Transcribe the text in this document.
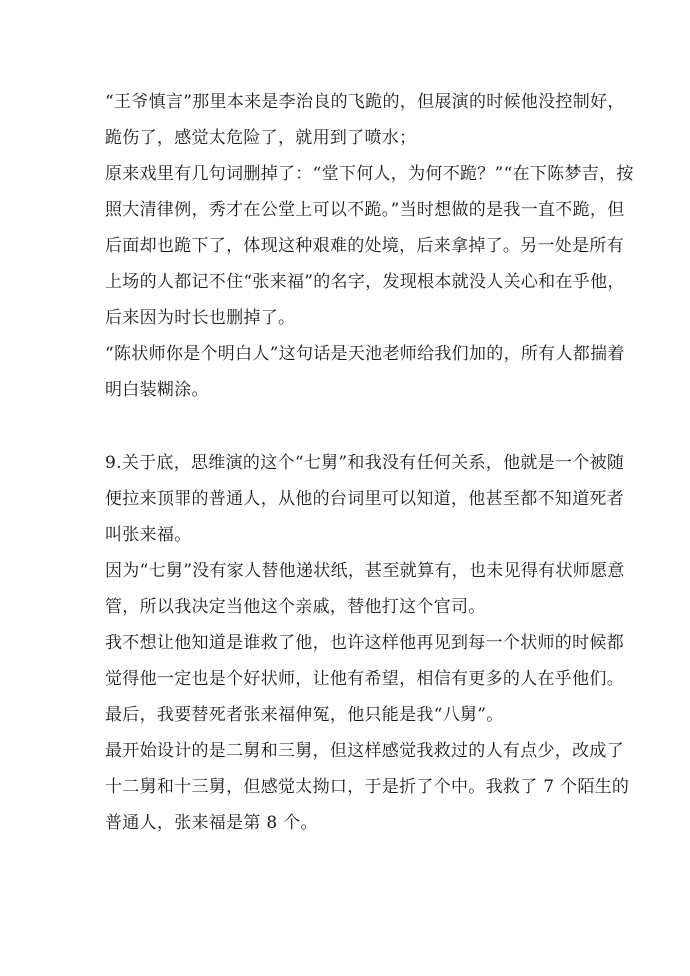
“王爷慎言”那里本来是李治良的飞跪的，但展演的时候他没控制好，
跪伤了，感觉太危险了，就用到了喷水；
原来戏里有几句词删掉了：“堂下何人，为何不跪？”“在下陈梦吉，按
照大清律例，秀才在公堂上可以不跪。”当时想做的是我一直不跪，但
后面却也跪下了，体现这种艰难的处境，后来拿掉了。另一处是所有
上场的人都记不住“张来福”的名字，发现根本就没人关心和在乎他，
后来因为时长也删掉了。
“陈状师你是个明白人”这句话是天池老师给我们加的，所有人都揣着
明白装糊涂。
9.关于底，思维演的这个“七舅”和我没有任何关系，他就是一个被随
便拉来顶罪的普通人，从他的台词里可以知道，他甚至都不知道死者
叫张来福。
因为“七舅”没有家人替他递状纸，甚至就算有，也未见得有状师愿意
管，所以我决定当他这个亲戚，替他打这个官司。
我不想让他知道是谁救了他，也许这样他再见到每一个状师的时候都
觉得他一定也是个好状师，让他有希望，相信有更多的人在乎他们。
最后，我要替死者张来福伸冤，他只能是我“八舅”。
最开始设计的是二舅和三舅，但这样感觉我救过的人有点少，改成了
十二舅和十三舅，但感觉太拗口，于是折了个中。我救了 7 个陌生的
普通人，张来福是第 8 个。
